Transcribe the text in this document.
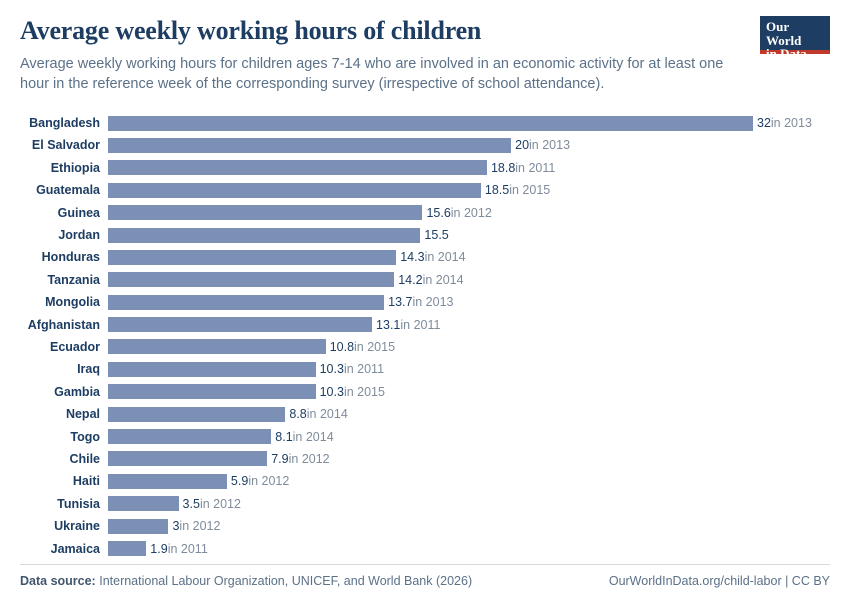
Average weekly working hours of children

Average weekly working hours for children ages 7-14 who are involved in an economic activity for at least one hour in the reference week of the corresponding survey (irrespective of school attendance).

Our World
in Data
Bangladesh	32in 2013
El Salvador	20in 2013
Ethiopia	18.8in 2011
Guatemala	18.5in 2015
Guinea	15.6in 2012
Jordan	15.5
Honduras	14.3in 2014
Tanzania	14.2in 2014
Mongolia	13.7in 2013
Afghanistan	13.1in 2011
Ecuador	10.8in 2015
Iraq	10.3in 2011
Gambia	10.3in 2015
Nepal	8.8in 2014
Togo	8.1in 2014
Chile	7.9in 2012
Haiti	5.9in 2012
Tunisia	3.5in 2012
Ukraine	3in 2012
Jamaica	1.9in 2011
Data source: International Labour Organization, UNICEF, and World Bank (2026)	OurWorldInData.org/child-labor | CC BY
